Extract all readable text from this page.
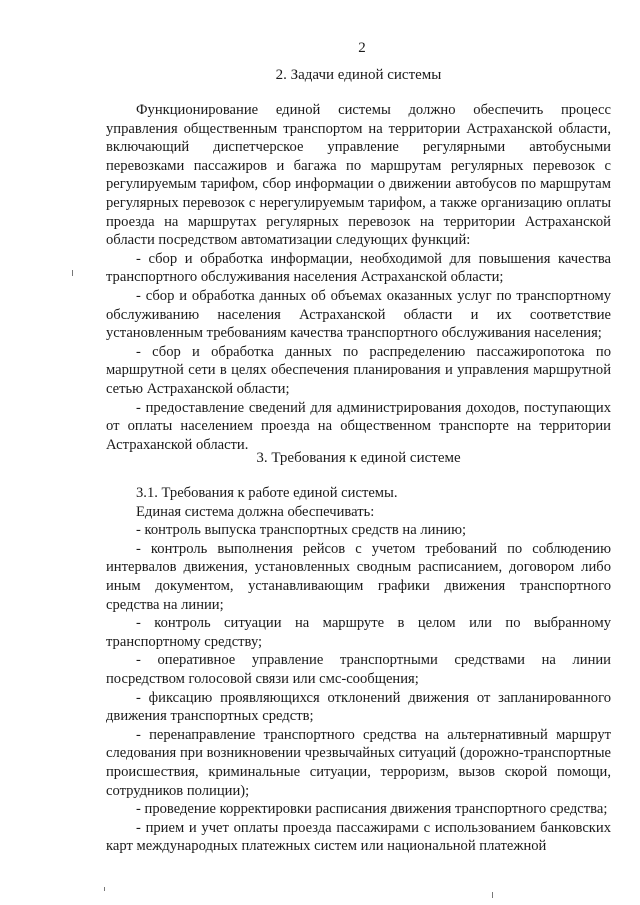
2
2. Задачи единой системы

Функционирование единой системы должно обеспечить процесс управления общественным транспортом на территории Астраханской области, включающий диспетчерское управление регулярными автобусными перевозками пассажиров и багажа по маршрутам регулярных перевозок с регулируемым тарифом, сбор информации о движении автобусов по маршрутам регулярных перевозок с нерегулируемым тарифом, а также организацию оплаты проезда на маршрутах регулярных перевозок на территории Астраханской области посредством автоматизации следующих функций:

- сбор и обработка информации, необходимой для повышения качества транспортного обслуживания населения Астраханской области;

- сбор и обработка данных об объемах оказанных услуг по транспортному обслуживанию населения Астраханской области и их соответствие установленным требованиям качества транспортного обслуживания населения;

- сбор и обработка данных по распределению пассажиропотока по маршрутной сети в целях обеспечения планирования и управления маршрутной сетью Астраханской области;

- предоставление сведений для администрирования доходов, поступающих от оплаты населением проезда на общественном транспорте на территории Астраханской области.

3. Требования к единой системе

3.1. Требования к работе единой системы.

Единая система должна обеспечивать:

- контроль выпуска транспортных средств на линию;

- контроль выполнения рейсов с учетом требований по соблюдению интервалов движения, установленных сводным расписанием, договором либо иным документом, устанавливающим графики движения транспортного средства на линии;

- контроль ситуации на маршруте в целом или по выбранному транспортному средству;

- оперативное управление транспортными средствами на линии посредством голосовой связи или смс-сообщения;

- фиксацию проявляющихся отклонений движения от запланированного движения транспортных средств;

- перенаправление транспортного средства на альтернативный маршрут следования при возникновении чрезвычайных ситуаций (дорожно-транспортные происшествия, криминальные ситуации, терроризм, вызов скорой помощи, сотрудников полиции);

- проведение корректировки расписания движения транспортного средства;

- прием и учет оплаты проезда пассажирами с использованием банковских карт международных платежных систем или национальной платежной
